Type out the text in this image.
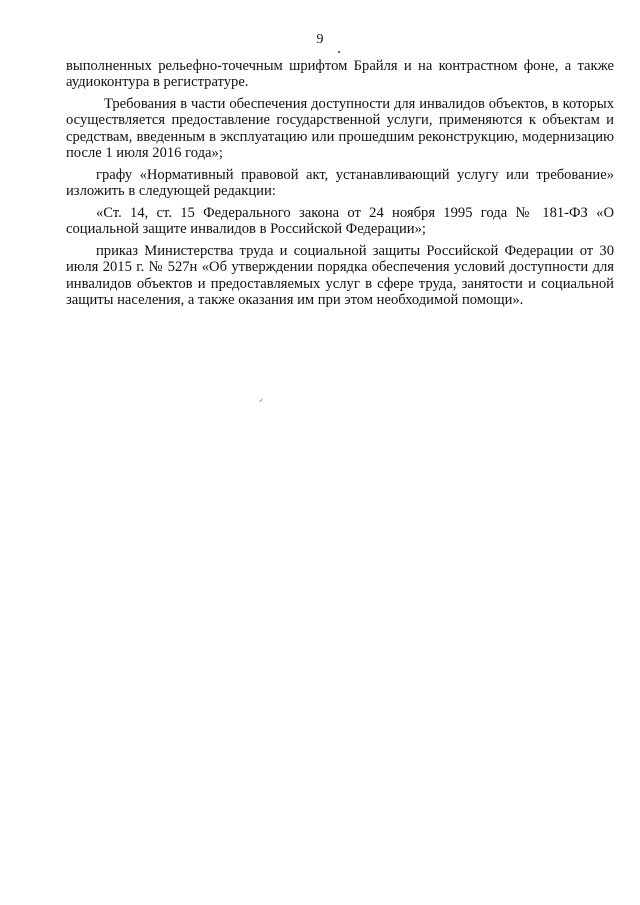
9

выполненных рельефно-точечным шрифтом Брайля и на контрастном фоне, а также аудиоконтура в регистратуре.

Требования в части обеспечения доступности для инвалидов объектов, в которых осуществляется предоставление государственной услуги, применяются к объектам и средствам, введенным в эксплуатацию или прошедшим реконструкцию, модернизацию после 1 июля 2016 года»;

графу «Нормативный правовой акт, устанавливающий услугу или требование» изложить в следующей редакции:

«Ст. 14, ст. 15 Федерального закона от 24 ноября 1995 года № 181-ФЗ «О социальной защите инвалидов в Российской Федерации»;

приказ Министерства труда и социальной защиты Российской Федерации от 30 июля 2015 г. № 527н «Об утверждении порядка обеспечения условий доступности для инвалидов объектов и предоставляемых услуг в сфере труда, занятости и социальной защиты населения, а также оказания им при этом необходимой помощи».
